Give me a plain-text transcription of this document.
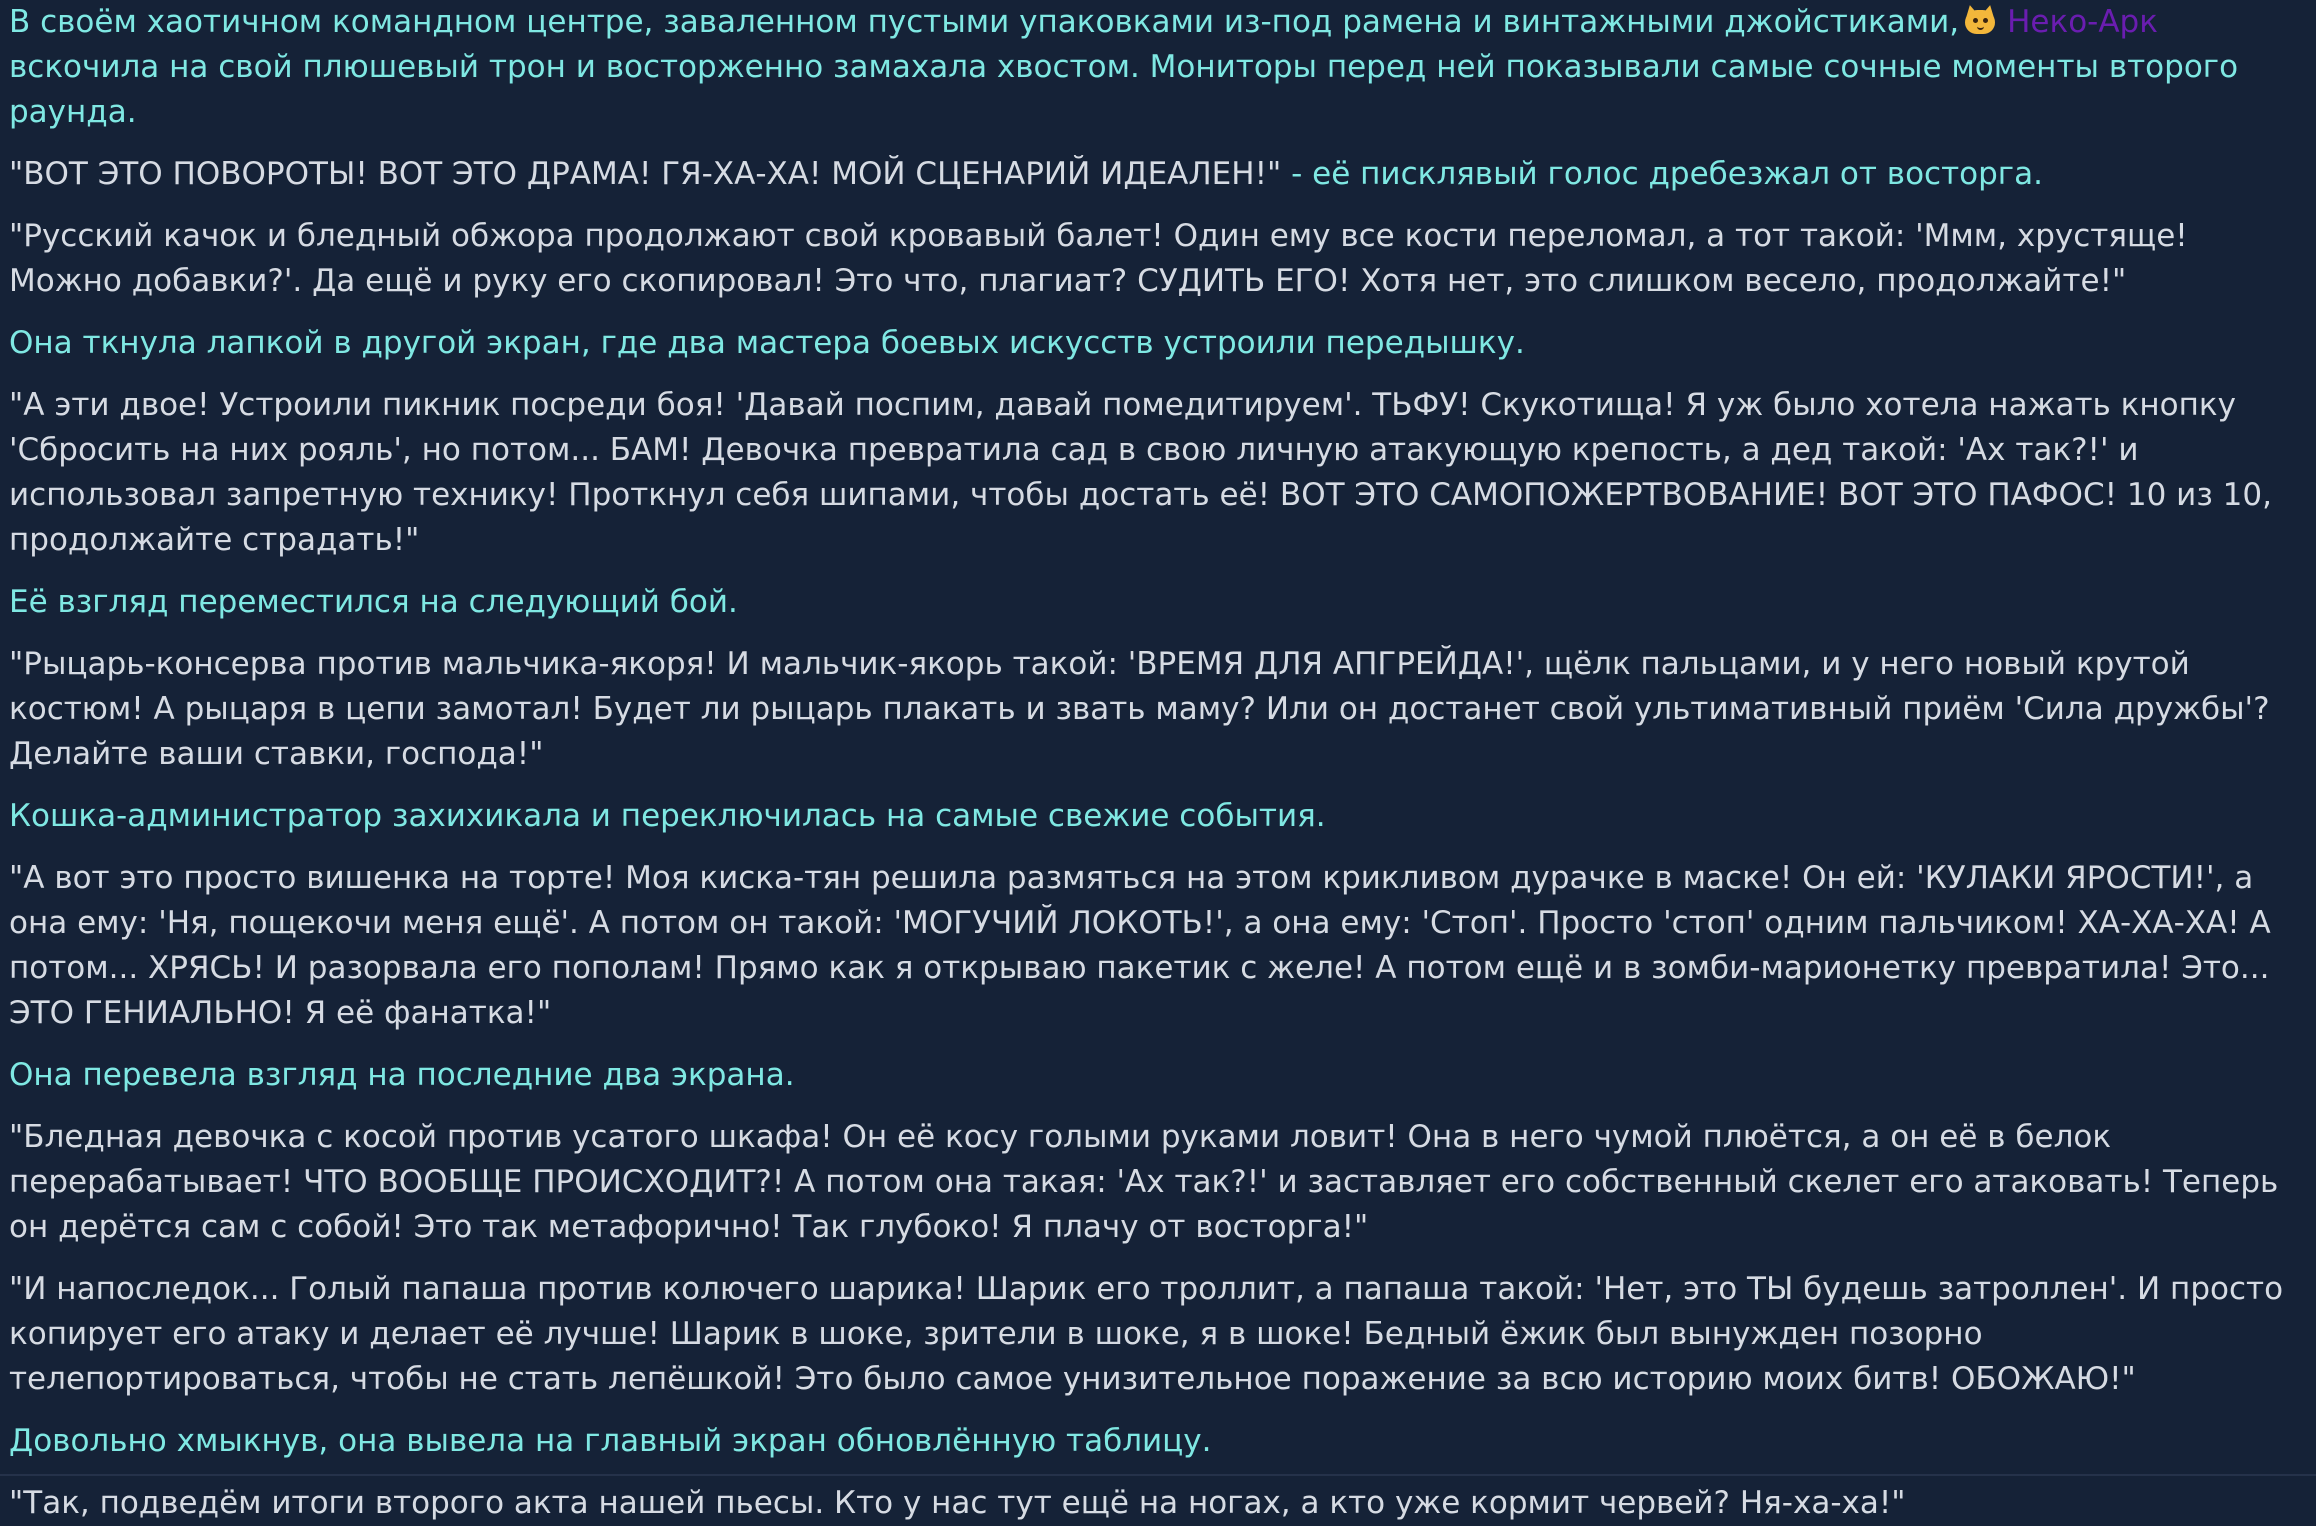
В своём хаотичном командном центре, заваленном пустыми упаковками из-под рамена и винтажными джойстиками, Неко-Арк вскочила на свой плюшевый трон и восторженно замахала хвостом. Мониторы перед ней показывали самые сочные моменты второго раунда.

"ВОТ ЭТО ПОВОРОТЫ! ВОТ ЭТО ДРАМА! ГЯ-ХА-ХА! МОЙ СЦЕНАРИЙ ИДЕАЛЕН!" - её писклявый голос дребезжал от восторга.

"Русский качок и бледный обжора продолжают свой кровавый балет! Один ему все кости переломал, а тот такой: 'Ммм, хрустяще! Можно добавки?'. Да ещё и руку его скопировал! Это что, плагиат? СУДИТЬ ЕГО! Хотя нет, это слишком весело, продолжайте!"

Она ткнула лапкой в другой экран, где два мастера боевых искусств устроили передышку.

"А эти двое! Устроили пикник посреди боя! 'Давай поспим, давай помедитируем'. ТЬФУ! Скукотища! Я уж было хотела нажать кнопку 'Сбросить на них рояль', но потом... БАМ! Девочка превратила сад в свою личную атакующую крепость, а дед такой: 'Ах так?!' и использовал запретную технику! Проткнул себя шипами, чтобы достать её! ВОТ ЭТО САМОПОЖЕРТВОВАНИЕ! ВОТ ЭТО ПАФОС! 10 из 10, продолжайте страдать!"

Её взгляд переместился на следующий бой.

"Рыцарь-консерва против мальчика-якоря! И мальчик-якорь такой: 'ВРЕМЯ ДЛЯ АПГРЕЙДА!', щёлк пальцами, и у него новый крутой костюм! А рыцаря в цепи замотал! Будет ли рыцарь плакать и звать маму? Или он достанет свой ультимативный приём 'Сила дружбы'? Делайте ваши ставки, господа!"

Кошка-администратор захихикала и переключилась на самые свежие события.

"А вот это просто вишенка на торте! Моя киска-тян решила размяться на этом крикливом дурачке в маске! Он ей: 'КУЛАКИ ЯРОСТИ!', а она ему: 'Ня, пощекочи меня ещё'. А потом он такой: 'МОГУЧИЙ ЛОКОТЬ!', а она ему: 'Стоп'. Просто 'стоп' одним пальчиком! ХА-ХА-ХА! А потом... ХРЯСЬ! И разорвала его пополам! Прямо как я открываю пакетик с желе! А потом ещё и в зомби-марионетку превратила! Это... ЭТО ГЕНИАЛЬНО! Я её фанатка!"

Она перевела взгляд на последние два экрана.

"Бледная девочка с косой против усатого шкафа! Он её косу голыми руками ловит! Она в него чумой плюётся, а он её в белок перерабатывает! ЧТО ВООБЩЕ ПРОИСХОДИТ?! А потом она такая: 'Ах так?!' и заставляет его собственный скелет его атаковать! Теперь он дерётся сам с собой! Это так метафорично! Так глубоко! Я плачу от восторга!"

"И напоследок... Голый папаша против колючего шарика! Шарик его троллит, а папаша такой: 'Нет, это ТЫ будешь затроллен'. И просто копирует его атаку и делает её лучше! Шарик в шоке, зрители в шоке, я в шоке! Бедный ёжик был вынужден позорно телепортироваться, чтобы не стать лепёшкой! Это было самое унизительное поражение за всю историю моих битв! ОБОЖАЮ!"

Довольно хмыкнув, она вывела на главный экран обновлённую таблицу.

"Так, подведём итоги второго акта нашей пьесы. Кто у нас тут ещё на ногах, а кто уже кормит червей? Ня-ха-ха!"
